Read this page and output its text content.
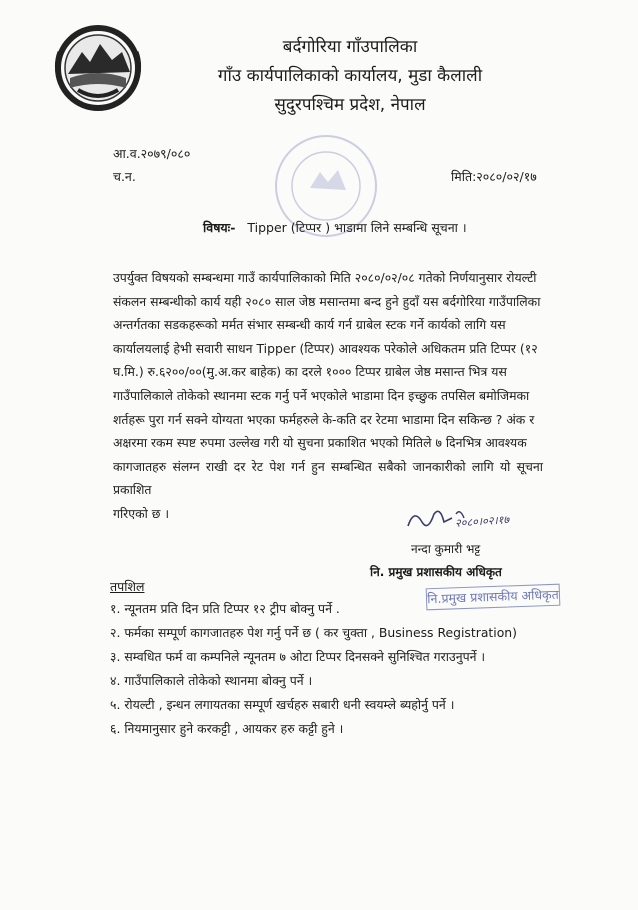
बर्दगोरिया गाँउपालिका
गाँउ कार्यपालिकाको कार्यालय, मुडा कैलाली
सुदुरपश्चिम प्रदेश, नेपाल
आ.व.२०७९/०८०
च.न.	मिति:२०८०/०२/१७
विषयः- Tipper (टिप्पर ) भाडामा लिने सम्बन्धि सूचना ।
उपर्युक्त विषयको सम्बन्धमा गाउँ कार्यपालिकाको मिति २०८०/०२/०८ गतेको निर्णयानुसार रोयल्टी
संकलन सम्बन्धीको कार्य यही २०८० साल जेष्ठ मसान्तमा बन्द हुने हुदाँ यस बर्दगोरिया गाउँपालिका
अन्तर्गतका सडकहरूको मर्मत संभार सम्बन्धी कार्य गर्न ग्राबेल स्टक गर्ने कार्यको लागि यस
कार्यालयलाई हेभी सवारी साधन Tipper (टिप्पर) आवश्यक परेकोले अधिकतम प्रति टिप्पर (१२
घ.मि.) रु.६२००/००(मु.अ.कर बाहेक) का दरले १००० टिप्पर ग्राबेल जेष्ठ मसान्त भित्र यस
गाउँपालिकाले तोकेको स्थानमा स्टक गर्नु पर्ने भएकोले भाडामा दिन इच्छुक तपसिल बमोजिमका
शर्तहरू पुरा गर्न सक्ने योग्यता भएका फर्महरुले के-कति दर रेटमा भाडामा दिन सकिन्छ ? अंक र
अक्षरमा रकम स्पष्ट रुपमा उल्लेख गरी यो सुचना प्रकाशित भएको मितिले ७ दिनभित्र आवश्यक
कागजातहरु संलग्न राखी दर रेट पेश गर्न हुन सम्बन्धित सबैको जानकारीको लागि यो सूचना प्रकाशित
गरिएको छ ।	२०८०।०२।१७
नन्दा कुमारी भट्ट
नि. प्रमुख प्रशासकीय अधिकृत
नि.प्रमुख प्रशासकीय अधिकृत
तपशिल
१. न्यूनतम प्रति दिन प्रति टिप्पर १२ ट्रीप बोक्नु पर्ने .
२. फर्मका सम्पूर्ण कागजातहरु पेश गर्नु पर्ने छ ( कर चुक्ता , Business Registration)
३. सम्वधित फर्म वा कम्पनिले न्यूनतम ७ ओटा टिप्पर दिनसक्ने सुनिश्चित गराउनुपर्ने ।
४. गाउँपालिकाले तोकेको स्थानमा बोक्नु पर्ने ।
५. रोयल्टी , इन्धन लगायतका सम्पूर्ण खर्चहरु सबारी धनी स्वयम्ले ब्यहोर्नु पर्ने ।
६. नियमानुसार हुने करकट्टी , आयकर हरु कट्टी हुने ।
